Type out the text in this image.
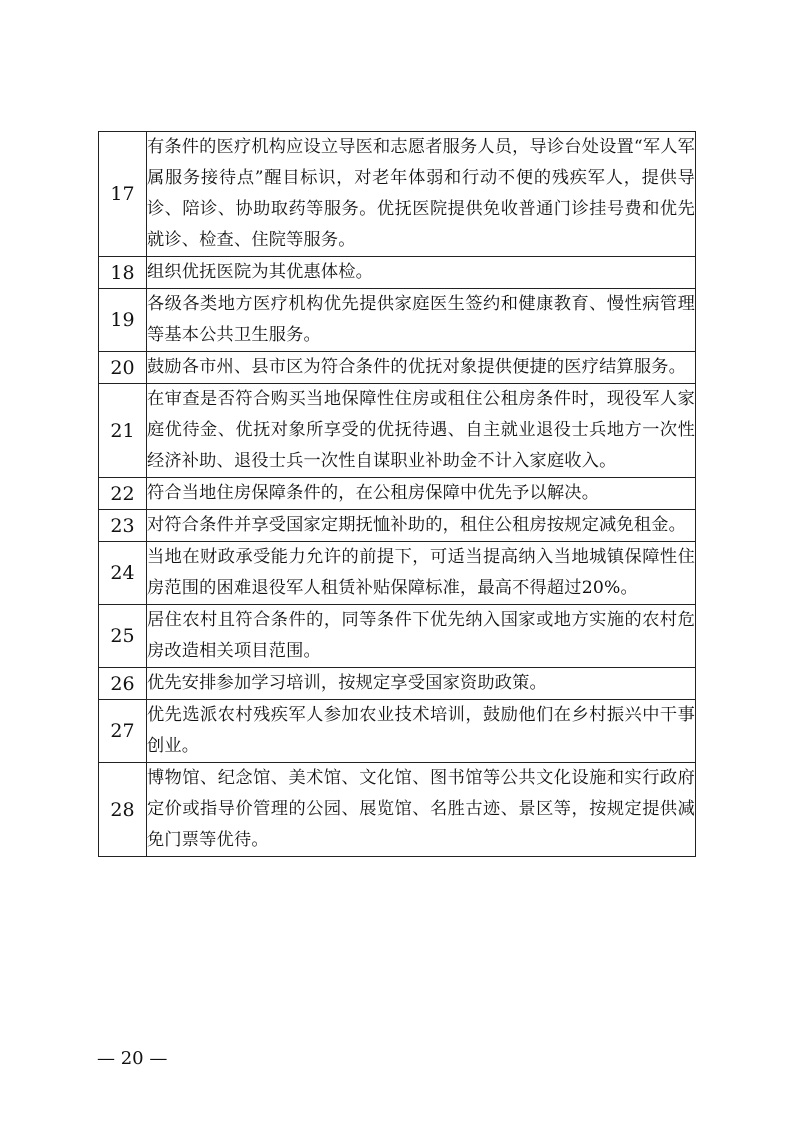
17	有条件的医疗机构应设立导医和志愿者服务人员，导诊台处设置“军人军属服务接待点”醒目标识，对老年体弱和行动不便的残疾军人，提供导诊、陪诊、协助取药等服务。优抚医院提供免收普通门诊挂号费和优先就诊、检查、住院等服务。
18	组织优抚医院为其优惠体检。
19	各级各类地方医疗机构优先提供家庭医生签约和健康教育、慢性病管理等基本公共卫生服务。
20	鼓励各市州、县市区为符合条件的优抚对象提供便捷的医疗结算服务。
21	在审查是否符合购买当地保障性住房或租住公租房条件时，现役军人家庭优待金、优抚对象所享受的优抚待遇、自主就业退役士兵地方一次性经济补助、退役士兵一次性自谋职业补助金不计入家庭收入。
22	符合当地住房保障条件的，在公租房保障中优先予以解决。
23	对符合条件并享受国家定期抚恤补助的，租住公租房按规定减免租金。
24	当地在财政承受能力允许的前提下，可适当提高纳入当地城镇保障性住房范围的困难退役军人租赁补贴保障标准，最高不得超过20%。
25	居住农村且符合条件的，同等条件下优先纳入国家或地方实施的农村危房改造相关项目范围。
26	优先安排参加学习培训，按规定享受国家资助政策。
27	优先选派农村残疾军人参加农业技术培训，鼓励他们在乡村振兴中干事创业。
28	博物馆、纪念馆、美术馆、文化馆、图书馆等公共文化设施和实行政府定价或指导价管理的公园、展览馆、名胜古迹、景区等，按规定提供减免门票等优待。
— 20 —
